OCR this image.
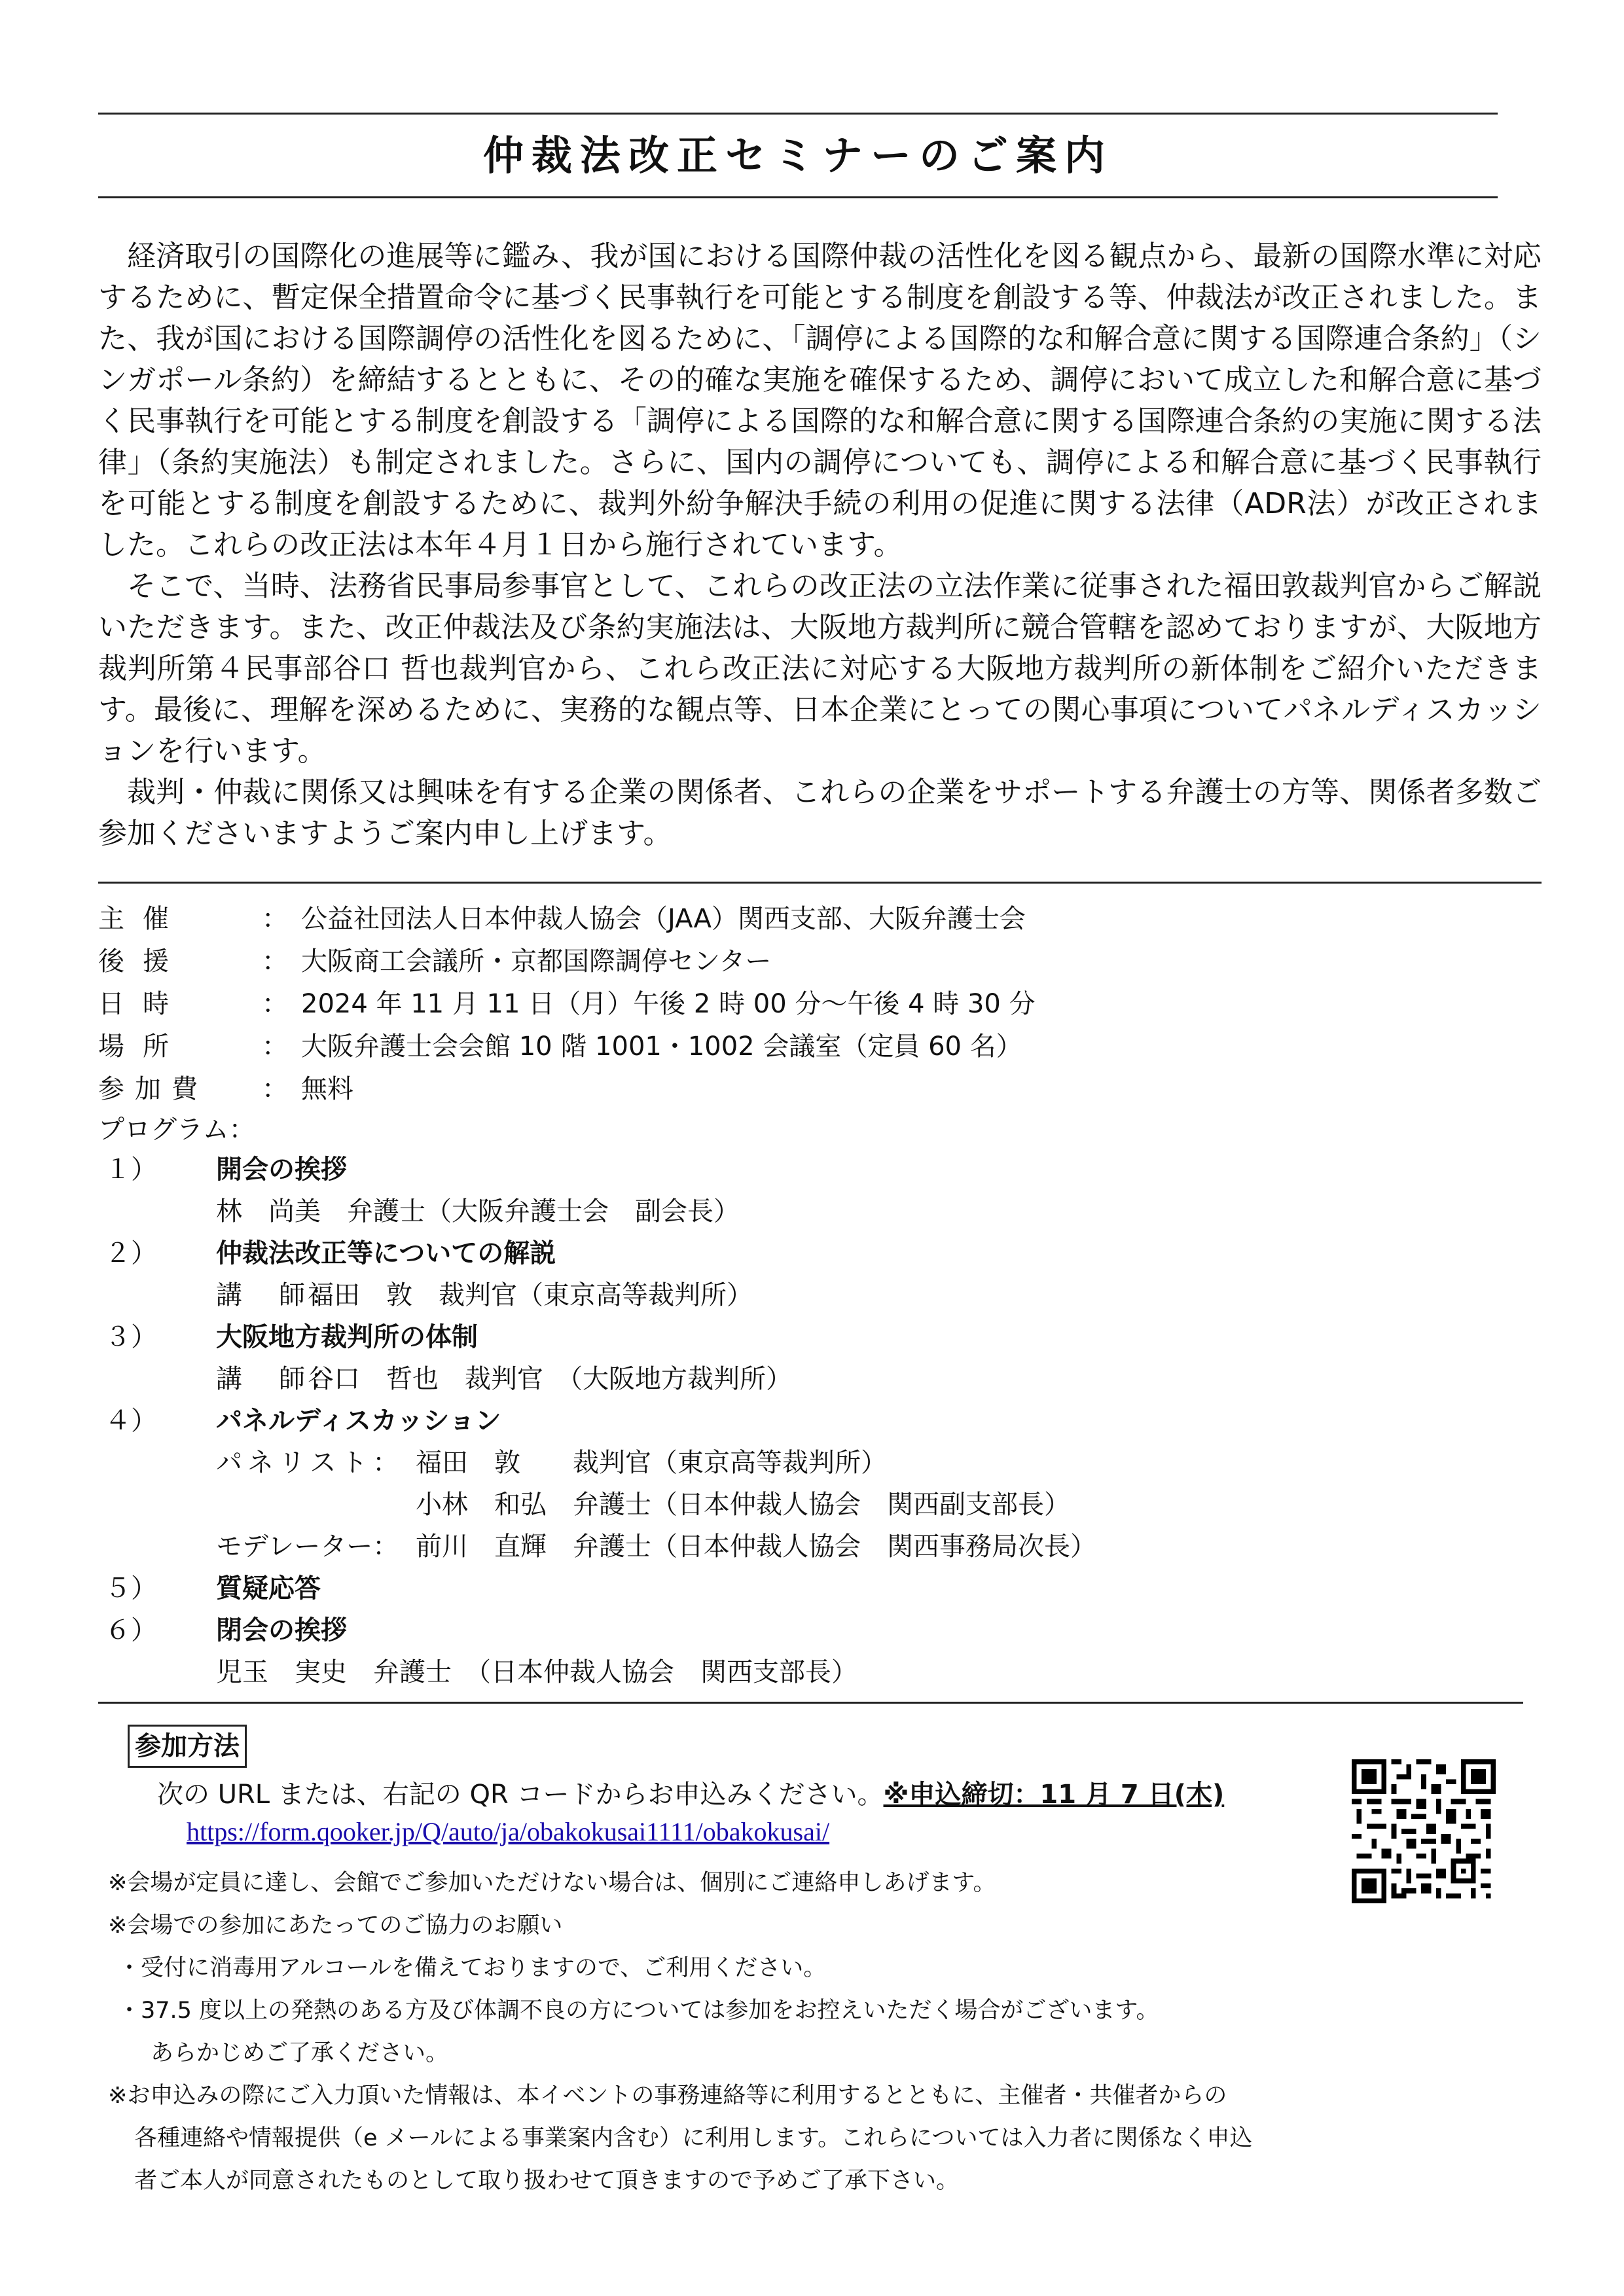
仲裁法改正セミナーのご案内

経済取引の国際化の進展等に鑑み、我が国における国際仲裁の活性化を図る観点から、最新の国際水準に対応するために、暫定保全措置命令に基づく民事執行を可能とする制度を創設する等、仲裁法が改正されました。また、我が国における国際調停の活性化を図るために、「調停による国際的な和解合意に関する国際連合条約」（シンガポール条約）を締結するとともに、その的確な実施を確保するため、調停において成立した和解合意に基づく民事執行を可能とする制度を創設する「調停による国際的な和解合意に関する国際連合条約の実施に関する法律」（条約実施法）も制定されました。さらに、国内の調停についても、調停による和解合意に基づく民事執行を可能とする制度を創設するために、裁判外紛争解決手続の利用の促進に関する法律（ADR法）が改正されました。これらの改正法は本年４月１日から施行されています。

そこで、当時、法務省民事局参事官として、これらの改正法の立法作業に従事された福田敦裁判官からご解説いただきます。また、改正仲裁法及び条約実施法は、大阪地方裁判所に競合管轄を認めておりますが、大阪地方裁判所第４民事部谷口 哲也裁判官から、これら改正法に対応する大阪地方裁判所の新体制をご紹介いただきます。最後に、理解を深めるために、実務的な観点等、日本企業にとっての関心事項についてパネルディスカッションを行います。

裁判・仲裁に関係又は興味を有する企業の関係者、これらの企業をサポートする弁護士の方等、関係者多数ご参加くださいますようご案内申し上げます。

主催	： 公益社団法人日本仲裁人協会（JAA）関西支部、大阪弁護士会
後援	： 大阪商工会議所・京都国際調停センター
日時	： 2024 年 11 月 11 日（月）午後 2 時 00 分～午後 4 時 30 分
場所	： 大阪弁護士会会館 10 階 1001・1002 会議室（定員 60 名）
参加費	： 無料
プログラム：
１）	開会の挨拶
林　尚美　弁護士（大阪弁護士会　副会長）
２）	仲裁法改正等についての解説
講　師：
福田　敦　裁判官（東京高等裁判所）
３）	大阪地方裁判所の体制
講　師：
谷口　哲也　裁判官　（大阪地方裁判所）
４）	パネルディスカッション
パネリスト： 福田　敦　　裁判官（東京高等裁判所）
小林　和弘　弁護士（日本仲裁人協会　関西副支部長）
モデレーター： 前川　直輝　弁護士（日本仲裁人協会　関西事務局次長）
５）	質疑応答
６）	閉会の挨拶
児玉　実史　弁護士　（日本仲裁人協会　関西支部長）
参加方法
次の URL または、右記の QR コードからお申込みください。※申込締切：11 月 7 日(木)
https://form.qooker.jp/Q/auto/ja/obakokusai1111/obakokusai/
※会場が定員に達し、会館でご参加いただけない場合は、個別にご連絡申しあげます。
※会場での参加にあたってのご協力のお願い
・受付に消毒用アルコールを備えておりますので、ご利用ください。
・37.5 度以上の発熱のある方及び体調不良の方については参加をお控えいただく場合がございます。
あらかじめご了承ください。
※お申込みの際にご入力頂いた情報は、本イベントの事務連絡等に利用するとともに、主催者・共催者からの
各種連絡や情報提供（e メールによる事業案内含む）に利用します。これらについては入力者に関係なく申込
者ご本人が同意されたものとして取り扱わせて頂きますので予めご了承下さい。
